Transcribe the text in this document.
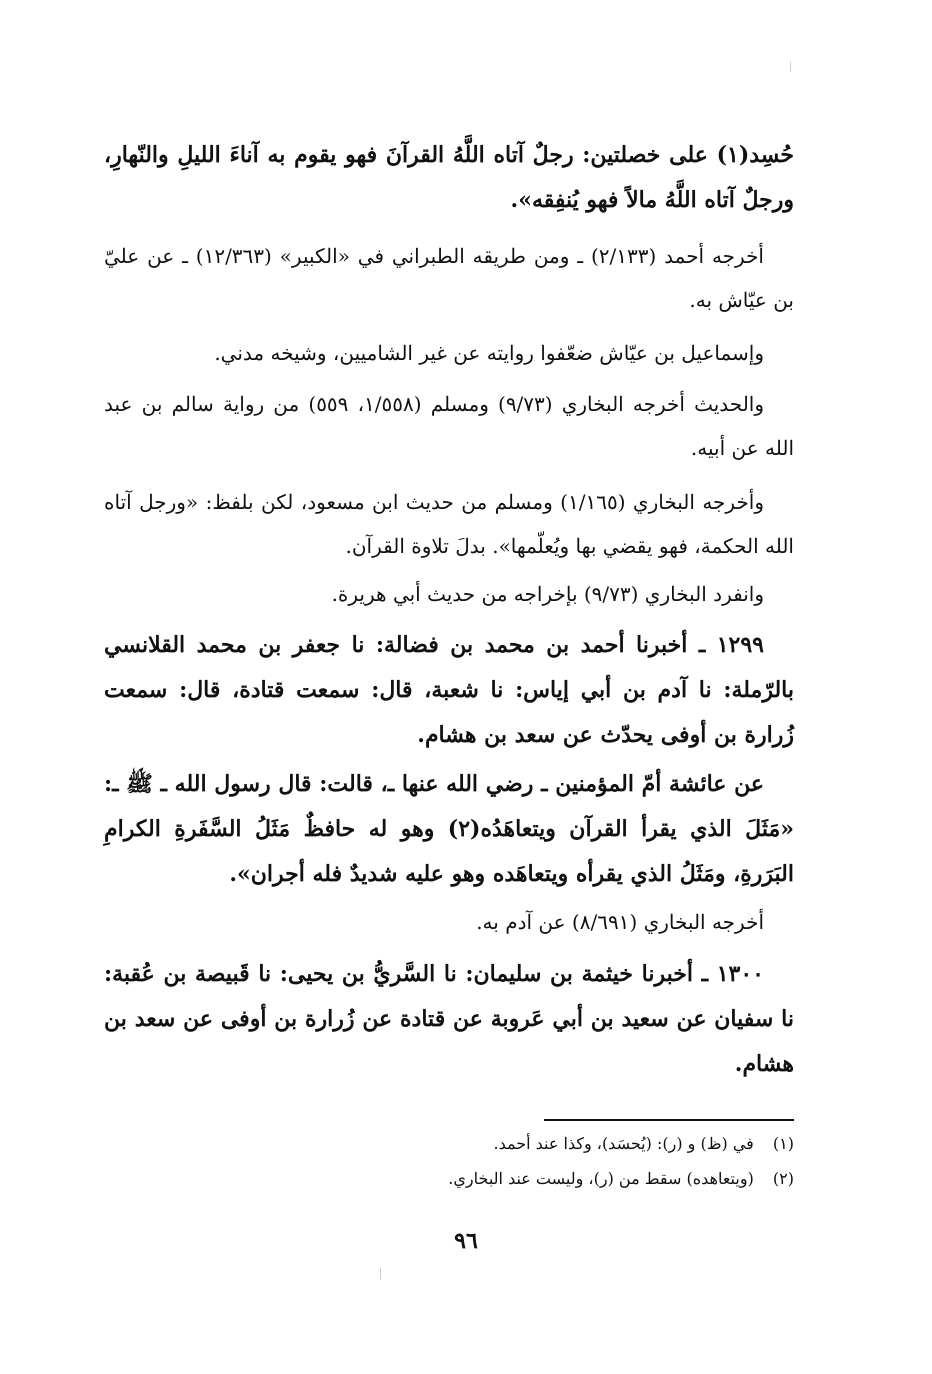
حُسِد(١) على خصلتين: رجلٌ آتاه اللَّهُ القرآنَ فهو يقوم به آناءَ الليلِ والنّهارِ، ورجلٌ آتاه اللَّهُ مالاً فهو يُنفِقه».
أخرجه أحمد (٢/١٣٣) ـ ومن طريقه الطبراني في «الكبير» (١٢/٣٦٣) ـ عن عليّ بن عيّاش به.
وإسماعيل بن عيّاش ضعّفوا روايته عن غير الشاميين، وشيخه مدني.
والحديث أخرجه البخاري (٩/٧٣) ومسلم (١/٥٥٨، ٥٥٩) من رواية سالم بن عبد الله عن أبيه.
وأخرجه البخاري (١/١٦٥) ومسلم من حديث ابن مسعود، لكن بلفظ: «ورجل آتاه الله الحكمة، فهو يقضي بها ويُعلّمها». بدلَ تلاوة القرآن.
وانفرد البخاري (٩/٧٣) بإخراجه من حديث أبي هريرة.
١٢٩٩ ـ أخبرنا أحمد بن محمد بن فضالة: نا جعفر بن محمد القلانسي بالرّملة: نا آدم بن أبي إياس: نا شعبة، قال: سمعت قتادة، قال: سمعت زُرارة بن أوفى يحدّث عن سعد بن هشام.
عن عائشة أمّ المؤمنين ـ رضي الله عنها ـ، قالت: قال رسول الله ـ ﷺ ـ: «مَثَلَ الذي يقرأ القرآن ويتعاهَدُه(٢) وهو له حافظٌ مَثَلُ السَّفَرةِ الكرامِ البَرَرةِ، ومَثَلُ الذي يقرأه ويتعاهَده وهو عليه شديدٌ فله أجران».
أخرجه البخاري (٨/٦٩١) عن آدم به.
١٣٠٠ ـ أخبرنا خيثمة بن سليمان: نا السَّريُّ بن يحيى: نا قَبيصة بن عُقبة: نا سفيان عن سعيد بن أبي عَروبة عن قتادة عن زُرارة بن أوفى عن سعد بن هشام.
(١) في (ظ) و (ر): (يُحسَد)، وكذا عند أحمد.
(٢) (ويتعاهده) سقط من (ر)، وليست عند البخاري.
٩٦
